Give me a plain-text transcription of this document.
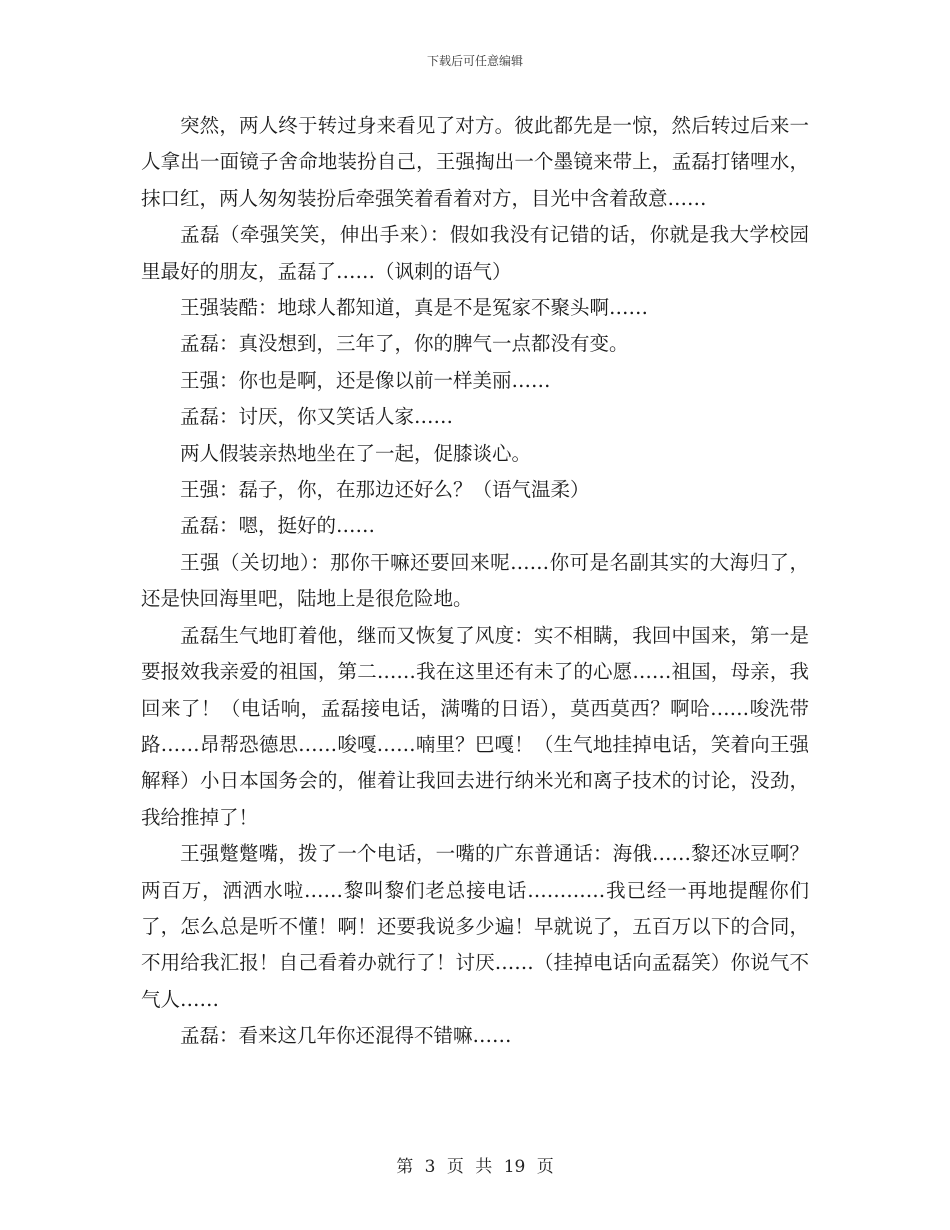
下载后可任意编辑

突然，两人终于转过身来看见了对方。彼此都先是一惊，然后转过后来一人拿出一面镜子舍命地装扮自己，王强掏出一个墨镜来带上，孟磊打锗哩水，抹口红，两人匆匆装扮后牵强笑着看着对方，目光中含着敌意……

孟磊（牵强笑笑，伸出手来）：假如我没有记错的话，你就是我大学校园里最好的朋友，孟磊了……（讽刺的语气）

王强装酷：地球人都知道，真是不是冤家不聚头啊……

孟磊：真没想到，三年了，你的脾气一点都没有变。

王强：你也是啊，还是像以前一样美丽……

孟磊：讨厌，你又笑话人家……

两人假装亲热地坐在了一起，促膝谈心。

王强：磊子，你，在那边还好么？（语气温柔）

孟磊：嗯，挺好的……

王强（关切地）：那你干嘛还要回来呢……你可是名副其实的大海归了，还是快回海里吧，陆地上是很危险地。

孟磊生气地盯着他，继而又恢复了风度：实不相瞒，我回中国来，第一是要报效我亲爱的祖国，第二……我在这里还有未了的心愿……祖国，母亲，我回来了！（电话响，孟磊接电话，满嘴的日语），莫西莫西？啊哈……唆洗带路……昂帮恐德思……唆嘎……喃里？巴嘎！（生气地挂掉电话，笑着向王强解释）小日本国务会的，催着让我回去进行纳米光和离子技术的讨论，没劲，我给推掉了！

王强蹩蹩嘴，拨了一个电话，一嘴的广东普通话：海俄……黎还冰豆啊？两百万，洒洒水啦……黎叫黎们老总接电话…………我已经一再地提醒你们了，怎么总是听不懂！啊！还要我说多少遍！早就说了，五百万以下的合同，不用给我汇报！自己看着办就行了！讨厌……（挂掉电话向孟磊笑）你说气不气人……

孟磊：看来这几年你还混得不错嘛……

第 3 页 共 19 页
